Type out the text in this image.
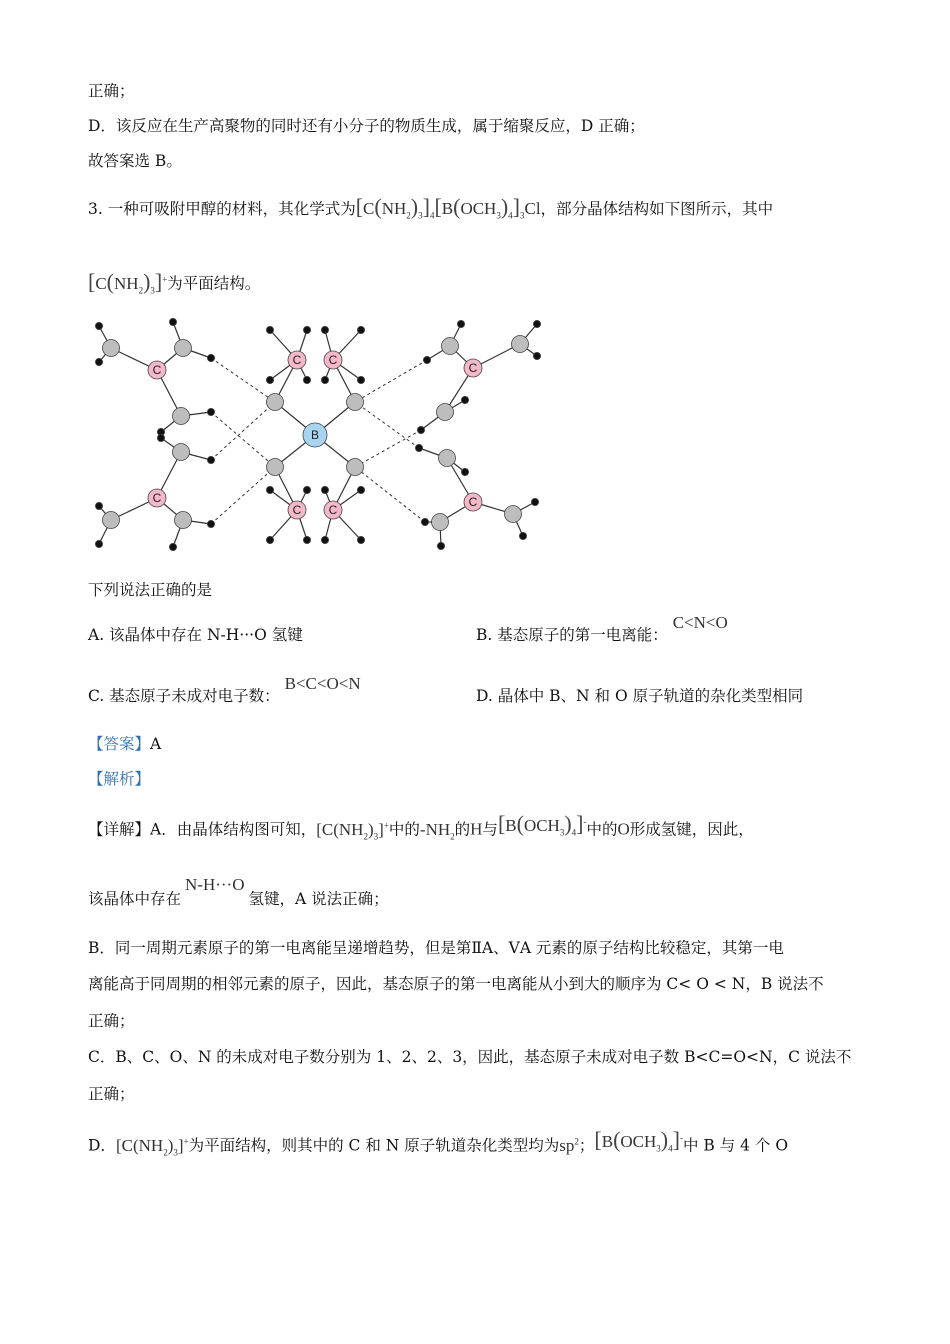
正确；
D．该反应在生产高聚物的同时还有小分子的物质生成，属于缩聚反应，D 正确；
故答案选 B。
3. 一种可吸附甲醇的材料，其化学式为$[C(NH_2)_3]_4[B(OCH_3)_4]_3Cl$，部分晶体结构如下图所示，其中
$[C(NH_2)_3]^+$为平面结构。
C C
C C
C
C
C
C
B
下列说法正确的是
A. 该晶体中存在 N-H···O 氢键	B. 基态原子的第一电离能： C<N<O
C. 基态原子未成对电子数： B<C<O<N
D. 晶体中 B、N 和 O 原子轨道的杂化类型相同
【答案】A
【解析】
【详解】A．由晶体结构图可知，$[C(NH_2)_3]^+$中的$-NH_2$的H与$[B(OCH_3)_4]^-$中的O形成氢键，因此，
该晶体中存在N-H···O氢键，A 说法正确；
B．同一周期元素原子的第一电离能呈递增趋势，但是第ⅡA、ⅤA 元素的原子结构比较稳定，其第一电
离能高于同周期的相邻元素的原子，因此，基态原子的第一电离能从小到大的顺序为 C< O < N，B 说法不
正确；
C．B、C、O、N 的未成对电子数分别为 1、2、2、3，因此，基态原子未成对电子数 B<C=O<N，C 说法不
正确；
D．$[C(NH_2)_3]^+$为平面结构，则其中的 C 和 N 原子轨道杂化类型均为$sp^2$；$[B(OCH_3)_4]^-$中 B 与 4 个 O
